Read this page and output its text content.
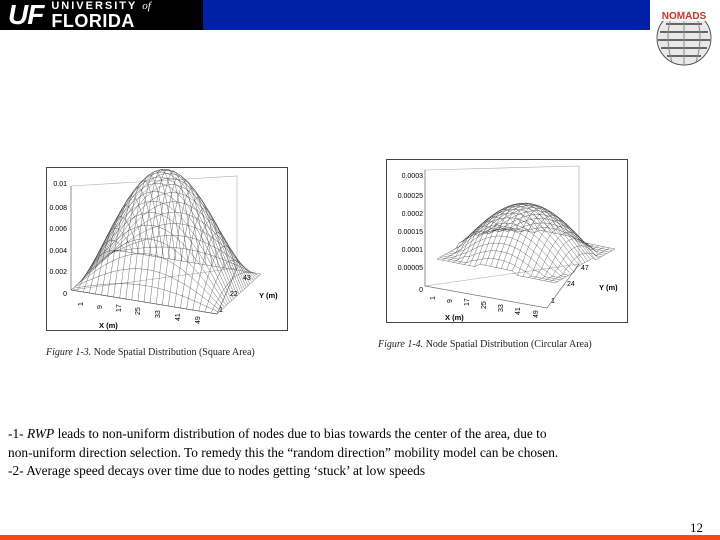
UF UNIVERSITY of
FLORIDA	NOMADS
0.01
0.008
0.006
0.004
0.002
0
1
9 17 25 33 41 49
43
22
1
X (m)
Y (m)
Figure 1-3. Node Spatial Distribution (Square Area)
0.0003
0.00025
0.0002
0.00015
0.0001
0.00005
0
1
9 17 25 33 41 49
47
24
1
X (m)
Y (m)
Figure 1-4. Node Spatial Distribution (Circular Area)

-1- RWP leads to non-uniform distribution of nodes due to bias towards the center of the area, due to

non-uniform direction selection. To remedy this the “random direction” mobility model can be chosen.

-2- Average speed decays over time due to nodes getting ‘stuck’ at low speeds

12
